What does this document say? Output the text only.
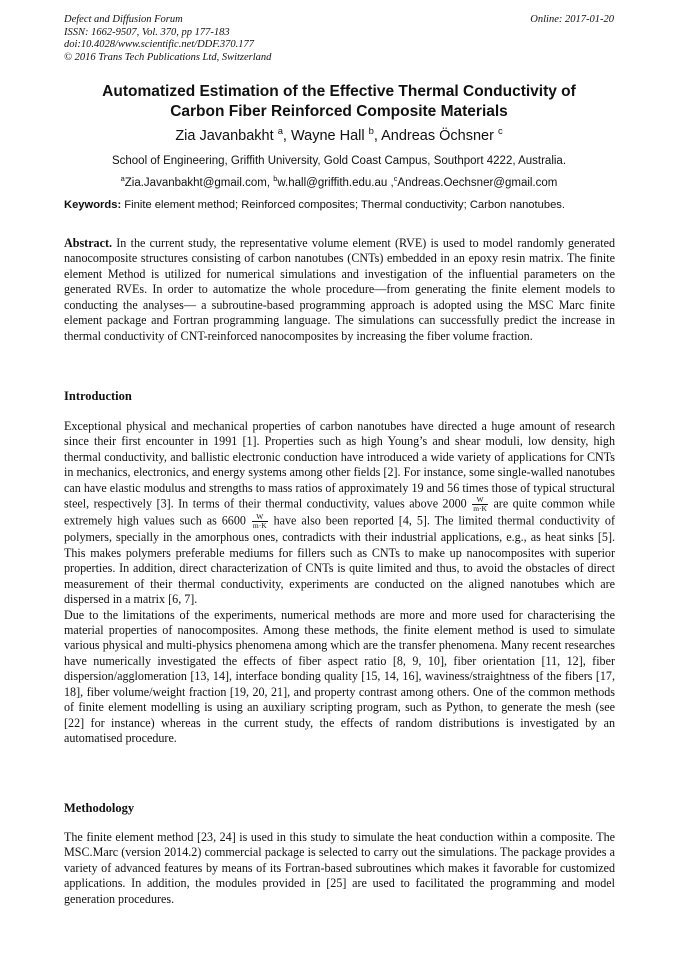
Defect and Diffusion Forum
ISSN: 1662-9507, Vol. 370, pp 177-183
doi:10.4028/www.scientific.net/DDF.370.177
© 2016 Trans Tech Publications Ltd, Switzerland
Online: 2017-01-20
Automatized Estimation of the Effective Thermal Conductivity of
Carbon Fiber Reinforced Composite Materials
Zia Javanbakht $^a$, Wayne Hall $^b$, Andreas Öchsner $^c$
School of Engineering, Griffith University, Gold Coast Campus, Southport 4222, Australia.
$^a$Zia.Javanbakht@gmail.com, $^b$w.hall@griffith.edu.au ,$^c$Andreas.Oechsner@gmail.com
Keywords: Finite element method; Reinforced composites; Thermal conductivity; Carbon nanotubes.

Abstract. In the current study, the representative volume element (RVE) is used to model randomly generated nanocomposite structures consisting of carbon nanotubes (CNTs) embedded in an epoxy resin matrix. The finite element Method is utilized for numerical simulations and investigation of the influential parameters on the generated RVEs. In order to automatize the whole procedure—from generating the finite element models to conducting the analyses— a subroutine-based programming approach is adopted using the MSC Marc finite element package and Fortran programming language. The simulations can successfully predict the increase in thermal conductivity of CNT-reinforced nanocomposites by increasing the fiber volume fraction.

Introduction

Exceptional physical and mechanical properties of carbon nanotubes have directed a huge amount of research since their first encounter in 1991 [1]. Properties such as high Young’s and shear moduli, low density, high thermal conductivity, and ballistic electronic conduction have introduced a wide variety of applications for CNTs in mechanics, electronics, and energy systems among other fields [2]. For instance, some single-walled nanotubes can have elastic modulus and strengths to mass ratios of approximately 19 and 56 times those of typical structural steel, respectively [3]. In terms of their thermal conductivity, values above $2000 \frac{W}{m\cdot K}$ are quite common while extremely high values such as $6600 \frac{W}{m\cdot K}$ have also been reported [4, 5]. The limited thermal conductivity of polymers, specially in the amorphous ones, contradicts with their industrial applications, e.g., as heat sinks [5]. This makes polymers preferable mediums for fillers such as CNTs to make up nanocomposites with superior properties. In addition, direct characterization of CNTs is quite limited and thus, to avoid the obstacles of direct measurement of their thermal conductivity, experiments are conducted on the aligned nanotubes which are dispersed in a matrix [6, 7].

Due to the limitations of the experiments, numerical methods are more and more used for characterising the material properties of nanocomposites. Among these methods, the finite element method is used to simulate various physical and multi-physics phenomena among which are the transfer phenomena. Many recent researches have numerically investigated the effects of fiber aspect ratio [8, 9, 10], fiber orientation [11, 12], fiber dispersion/agglomeration [13, 14], interface bonding quality [15, 14, 16], waviness/straightness of the fibers [17, 18], fiber volume/weight fraction [19, 20, 21], and property contrast among others. One of the common methods of finite element modelling is using an auxiliary scripting program, such as Python, to generate the mesh (see [22] for instance) whereas in the current study, the effects of random distributions is investigated by an automatised procedure.

Methodology

The finite element method [23, 24] is used in this study to simulate the heat conduction within a composite. The MSC.Marc (version 2014.2) commercial package is selected to carry out the simulations. The package provides a variety of advanced features by means of its Fortran-based subroutines which makes it favorable for customized applications. In addition, the modules provided in [25] are used to facilitated the programming and model generation procedures.
